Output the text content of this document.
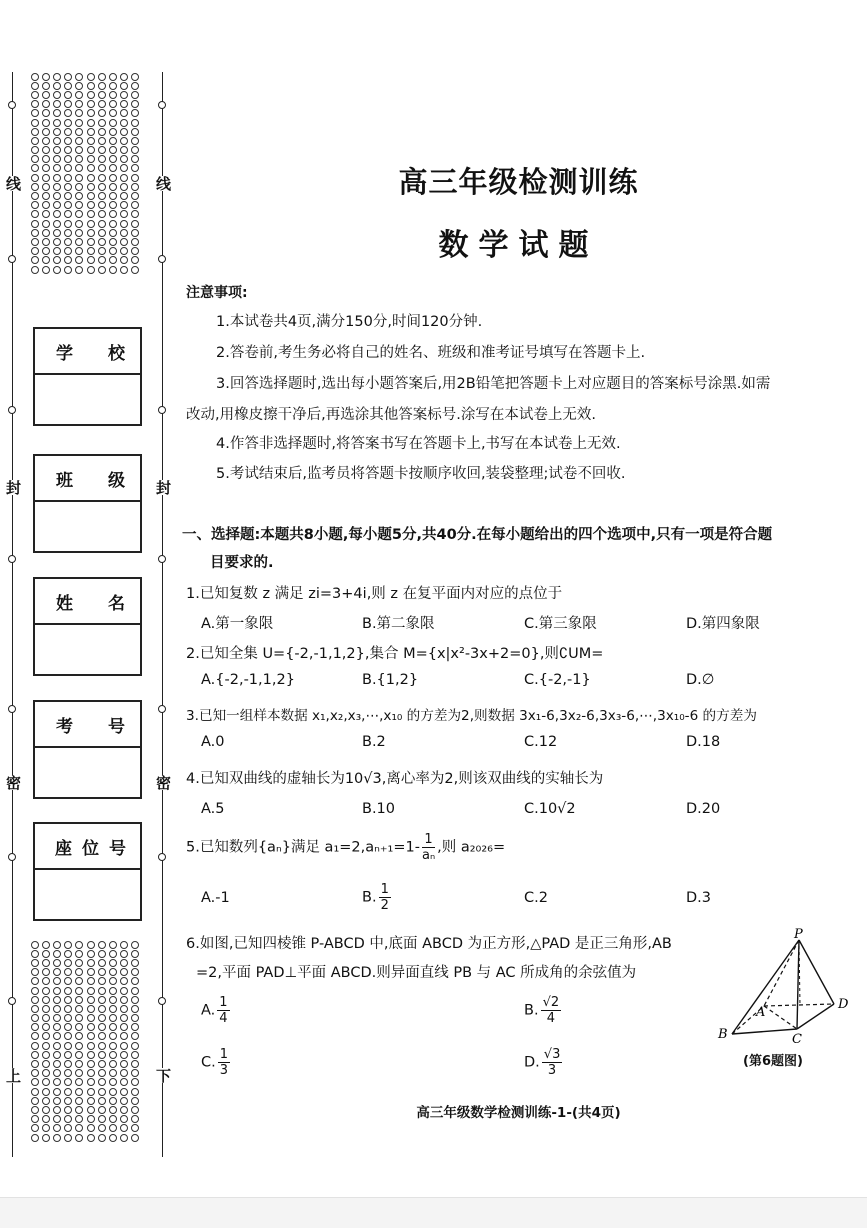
线
封
密
上
线
封
密
下
学 校
班 级
姓 名
考 号
座 位 号
高三年级检测训练
数学试题
注意事项:
1.本试卷共4页,满分150分,时间120分钟.
2.答卷前,考生务必将自己的姓名、班级和准考证号填写在答题卡上.
3.回答选择题时,选出每小题答案后,用2B铅笔把答题卡上对应题目的答案标号涂黑.如需
改动,用橡皮擦干净后,再选涂其他答案标号.涂写在本试卷上无效.
4.作答非选择题时,将答案书写在答题卡上,书写在本试卷上无效.
5.考试结束后,监考员将答题卡按顺序收回,装袋整理;试卷不回收.
一、选择题:本题共8小题,每小题5分,共40分.在每小题给出的四个选项中,只有一项是符合题
目要求的.
1.已知复数 z 满足 zi=3+4i,则 z 在复平面内对应的点位于
A.第一象限	B.第二象限	C.第三象限	D.第四象限
2.已知全集 U={-2,-1,1,2},集合 M={x|x²-3x+2=0},则∁UM=
A.{-2,-1,1,2}	B.{1,2}	C.{-2,-1}	D.∅
3.已知一组样本数据 x₁,x₂,x₃,⋯,x₁₀ 的方差为2,则数据 3x₁-6,3x₂-6,3x₃-6,⋯,3x₁₀-6 的方差为
A.0	B.2	C.12	D.18
4.已知双曲线的虚轴长为10√3,离心率为2,则该双曲线的实轴长为
A.5	B.10	C.10√2	D.20
5.已知数列{aₙ}满足 $a_1=2,a_{n+1}=1- \frac{1}{\text{aₙ}}$ ,则 a₂₀₂₆=
A.-1	B. $\frac{1}{2}$	C.2	D.3
6.如图,已知四棱锥 P-ABCD 中,底面 ABCD 为正方形,△PAD 是正三角形,AB
=2,平面 PAD⊥平面 ABCD.则异面直线 PB 与 AC 所成角的余弦值为
A. $\frac{1}{4}$	B. $\frac{√2}{4}$
C. $\frac{1}{3}$	D. $\frac{√3}{3}$
P
A
B	C
D
(第6题图)
高三年级数学检测训练-1-(共4页)
